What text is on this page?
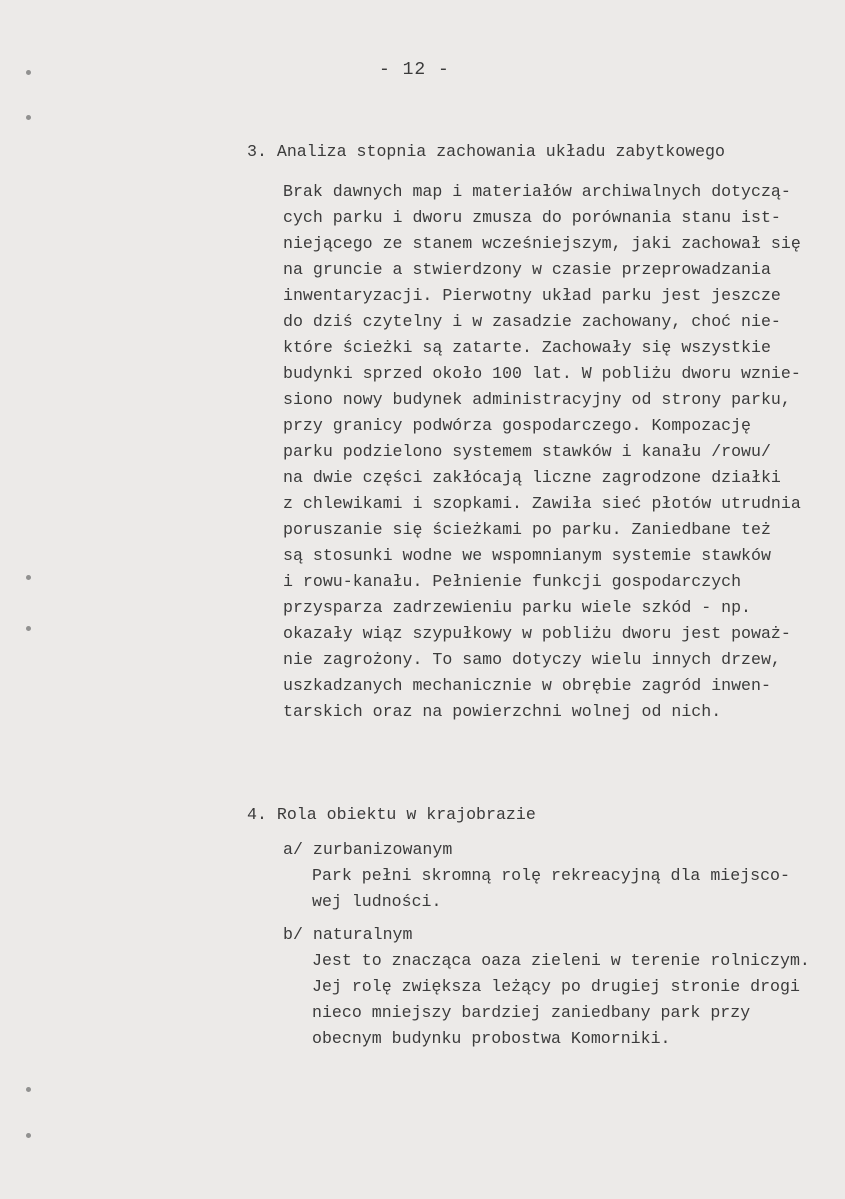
- 12 -
3. Analiza stopnia zachowania układu zabytkowego
Brak dawnych map i materiałów archiwalnych dotyczą-
cych parku i dworu zmusza do porównania stanu ist-
niejącego ze stanem wcześniejszym, jaki zachował się
na gruncie a stwierdzony w czasie przeprowadzania
inwentaryzacji. Pierwotny układ parku jest jeszcze
do dziś czytelny i w zasadzie zachowany, choć nie-
które ścieżki są zatarte. Zachowały się wszystkie
budynki sprzed około 100 lat. W pobliżu dworu wznie-
siono nowy budynek administracyjny od strony parku,
przy granicy podwórza gospodarczego. Kompozację
parku podzielono systemem stawków i kanału /rowu/
na dwie części zakłócają liczne zagrodzone działki
z chlewikami i szopkami. Zawiła sieć płotów utrudnia
poruszanie się ścieżkami po parku. Zaniedbane też
są stosunki wodne we wspomnianym systemie stawków
i rowu-kanału. Pełnienie funkcji gospodarczych
przysparza zadrzewieniu parku wiele szkód - np.
okazały wiąz szypułkowy w pobliżu dworu jest poważ-
nie zagrożony. To samo dotyczy wielu innych drzew,
uszkadzanych mechanicznie w obrębie zagród inwen-
tarskich oraz na powierzchni wolnej od nich.
4. Rola obiektu w krajobrazie
a/ zurbanizowanym
Park pełni skromną rolę rekreacyjną dla miejsco-
wej ludności.
b/ naturalnym
Jest to znacząca oaza zieleni w terenie rolniczym.
Jej rolę zwiększa leżący po drugiej stronie drogi
nieco mniejszy bardziej zaniedbany park przy
obecnym budynku probostwa Komorniki.
